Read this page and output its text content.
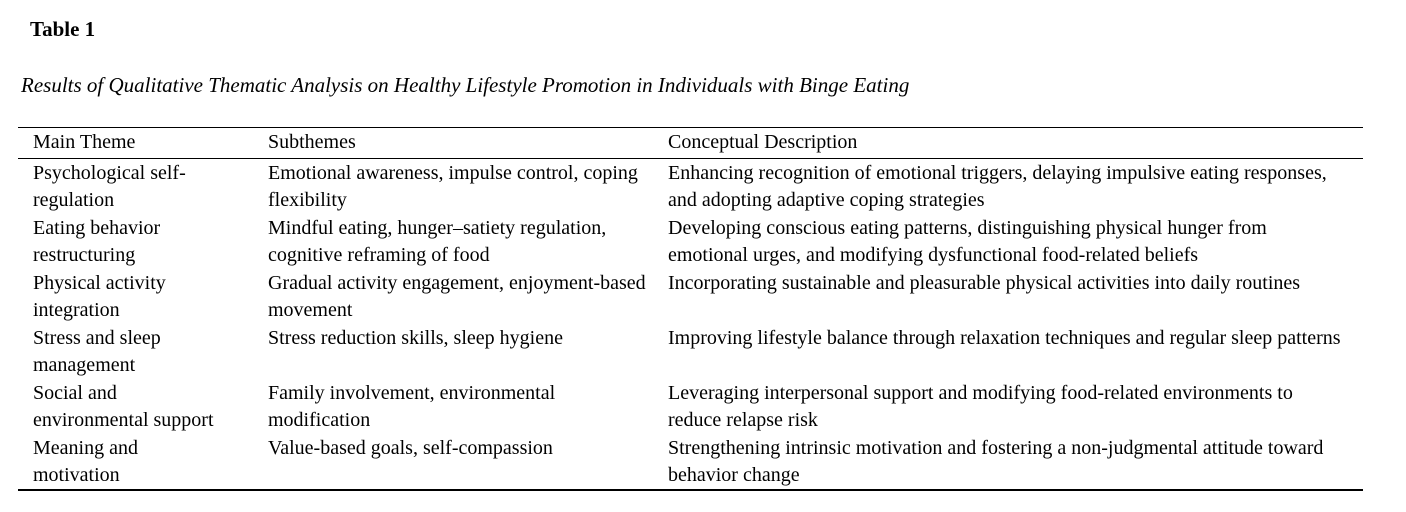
Table 1

Results of Qualitative Thematic Analysis on Healthy Lifestyle Promotion in Individuals with Binge Eating

Main Theme	Subthemes	Conceptual Description
Psychological self-regulation	Emotional awareness, impulse control, coping flexibility	Enhancing recognition of emotional triggers, delaying impulsive eating responses, and adopting adaptive coping strategies
Eating behavior restructuring	Mindful eating, hunger–satiety regulation, cognitive reframing of food	Developing conscious eating patterns, distinguishing physical hunger from emotional urges, and modifying dysfunctional food-related beliefs
Physical activity integration	Gradual activity engagement, enjoyment-based movement	Incorporating sustainable and pleasurable physical activities into daily routines
Stress and sleep management	Stress reduction skills, sleep hygiene	Improving lifestyle balance through relaxation techniques and regular sleep patterns
Social and environmental support	Family involvement, environmental modification	Leveraging interpersonal support and modifying food-related environments to reduce relapse risk
Meaning and motivation	Value-based goals, self-compassion	Strengthening intrinsic motivation and fostering a non-judgmental attitude toward behavior change
